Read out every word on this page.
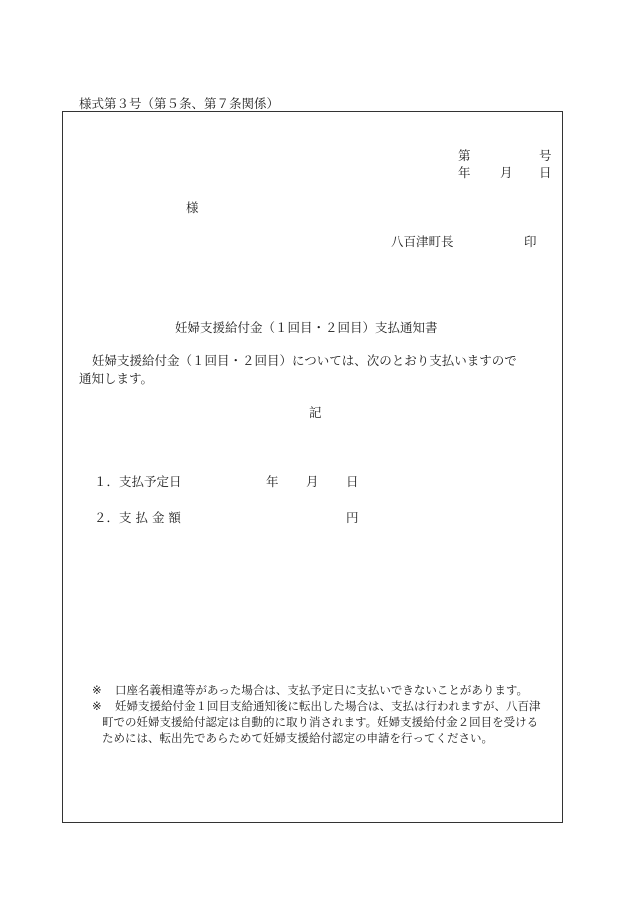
様式第３号（第５条、第７条関係）
第	号
年 月 日
様
八百津町長	印
妊婦支援給付金（１回目・２回目）支払通知書
妊婦支援給付金（１回目・２回目）については、次のとおり支払いますので
通知します。
記
１．支払予定日	年 月 日
２．支 払 金 額	円
※ 口座名義相違等があった場合は、支払予定日に支払いできないことがあります。
※ 妊婦支援給付金１回目支給通知後に転出した場合は、支払は行われますが、八百津
町での妊婦支援給付認定は自動的に取り消されます。妊婦支援給付金２回目を受ける
ためには、転出先であらためて妊婦支援給付認定の申請を行ってください。
